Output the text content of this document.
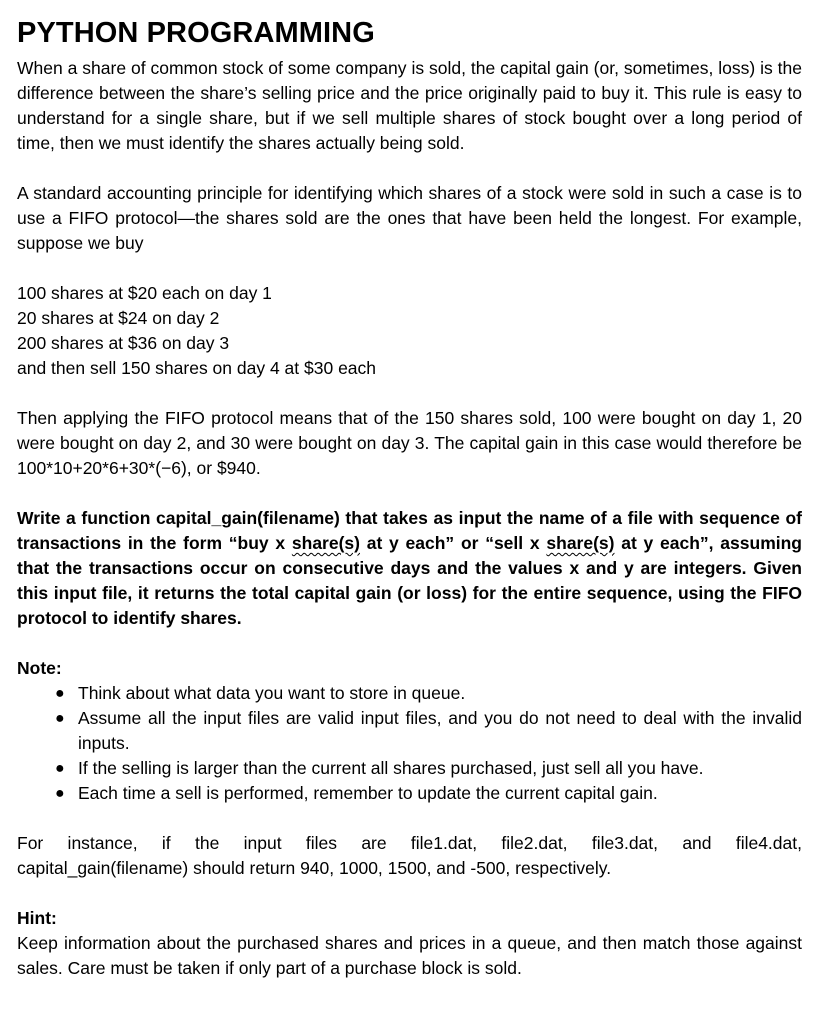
PYTHON PROGRAMMING

When a share of common stock of some company is sold, the capital gain (or, sometimes, loss) is the difference between the share’s selling price and the price originally paid to buy it. This rule is easy to understand for a single share, but if we sell multiple shares of stock bought over a long period of time, then we must identify the shares actually being sold.

A standard accounting principle for identifying which shares of a stock were sold in such a case is to use a FIFO protocol—the shares sold are the ones that have been held the longest. For example, suppose we buy

100 shares at $20 each on day 1
20 shares at $24 on day 2
200 shares at $36 on day 3
and then sell 150 shares on day 4 at $30 each

Then applying the FIFO protocol means that of the 150 shares sold, 100 were bought on day 1, 20 were bought on day 2, and 30 were bought on day 3. The capital gain in this case would therefore be 100*10+20*6+30*(−6), or $940.

Write a function capital_gain(filename) that takes as input the name of a file with sequence of transactions in the form “buy x share(s) at y each” or “sell x share(s) at y each”, assuming that the transactions occur on consecutive days and the values x and y are integers. Given this input file, it returns the total capital gain (or loss) for the entire sequence, using the FIFO protocol to identify shares.

Note:
● Think about what data you want to store in queue.
● Assume all the input files are valid input files, and you do not need to deal with the invalid inputs.
● If the selling is larger than the current all shares purchased, just sell all you have.
● Each time a sell is performed, remember to update the current capital gain.
For instance, if the input files are file1.dat, file2.dat, file3.dat, and file4.dat,
capital_gain(filename) should return 940, 1000, 1500, and -500, respectively.
Hint:

Keep information about the purchased shares and prices in a queue, and then match those against sales. Care must be taken if only part of a purchase block is sold.
